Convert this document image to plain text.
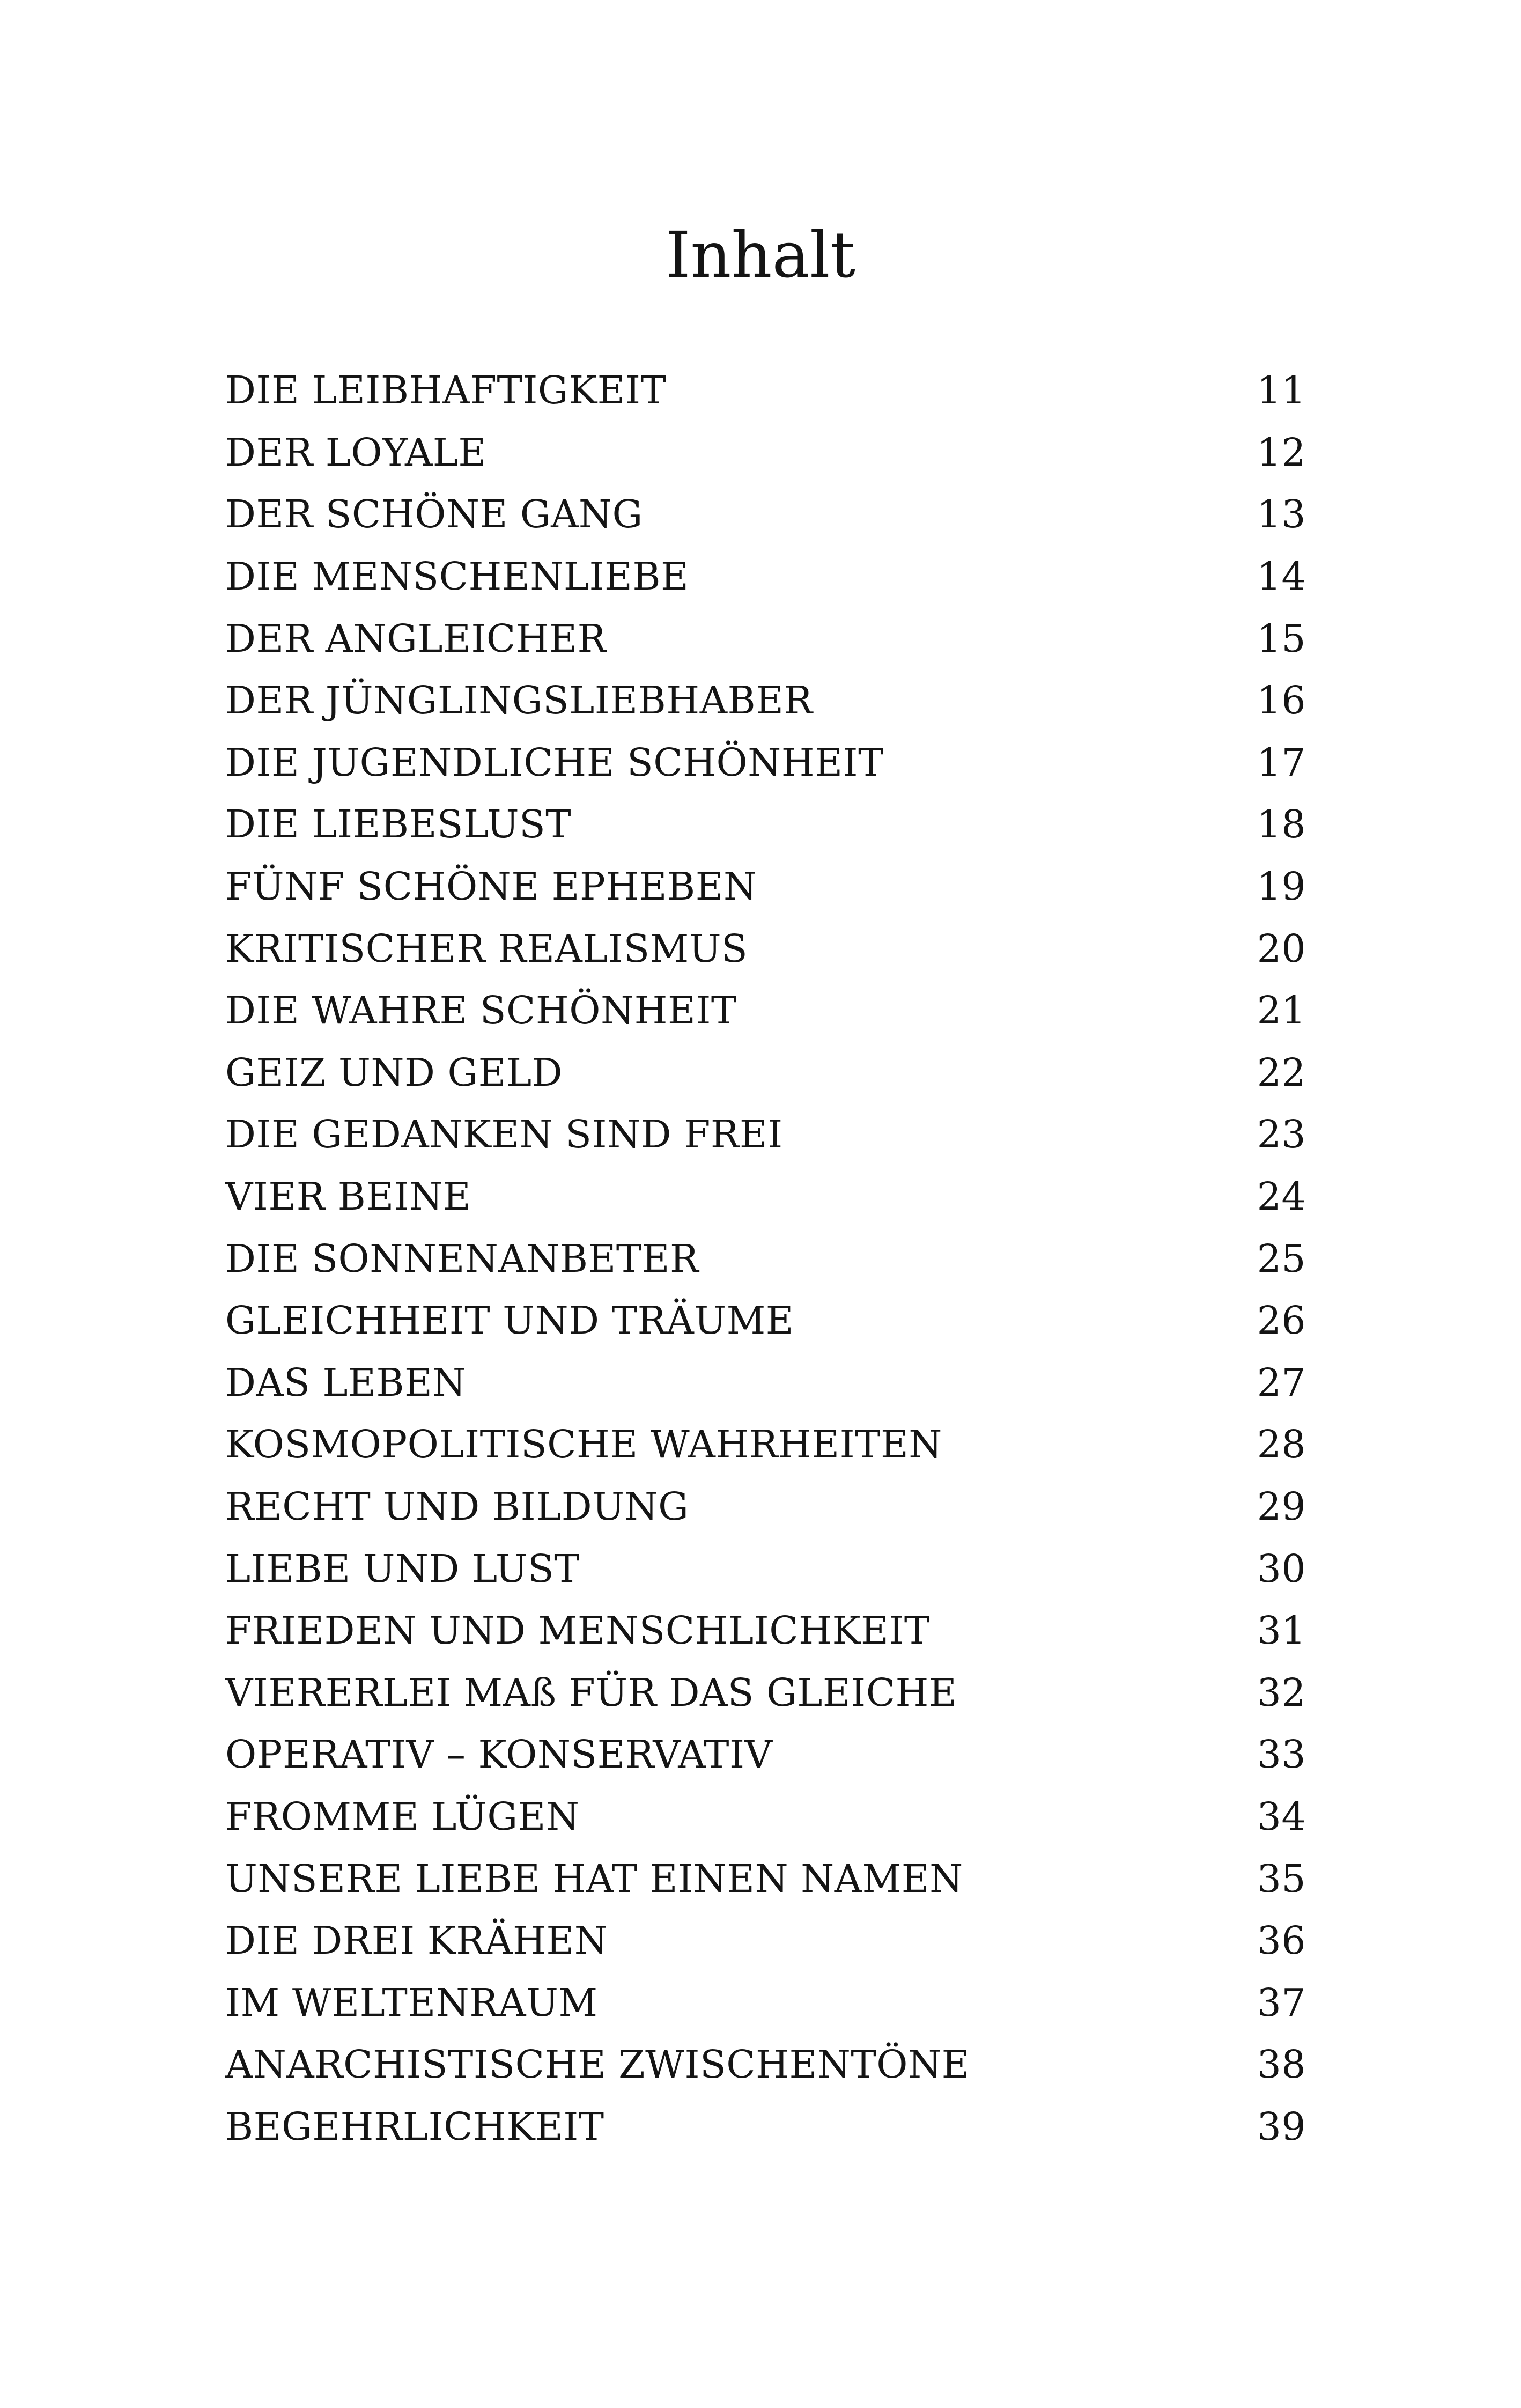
Inhalt
DIE LEIBHAFTIGKEIT	11
DER LOYALE	12
DER SCHÖNE GANG	13
DIE MENSCHENLIEBE	14
DER ANGLEICHER	15
DER JÜNGLINGSLIEBHABER	16
DIE JUGENDLICHE SCHÖNHEIT	17
DIE LIEBESLUST	18
FÜNF SCHÖNE EPHEBEN	19
KRITISCHER REALISMUS	20
DIE WAHRE SCHÖNHEIT	21
GEIZ UND GELD	22
DIE GEDANKEN SIND FREI	23
VIER BEINE	24
DIE SONNENANBETER	25
GLEICHHEIT UND TRÄUME	26
DAS LEBEN	27
KOSMOPOLITISCHE WAHRHEITEN	28
RECHT UND BILDUNG	29
LIEBE UND LUST	30
FRIEDEN UND MENSCHLICHKEIT	31
VIERERLEI MAß FÜR DAS GLEICHE	32
OPERATIV – KONSERVATIV	33
FROMME LÜGEN	34
UNSERE LIEBE HAT EINEN NAMEN	35
DIE DREI KRÄHEN	36
IM WELTENRAUM	37
ANARCHISTISCHE ZWISCHENTÖNE	38
BEGEHRLICHKEIT	39
